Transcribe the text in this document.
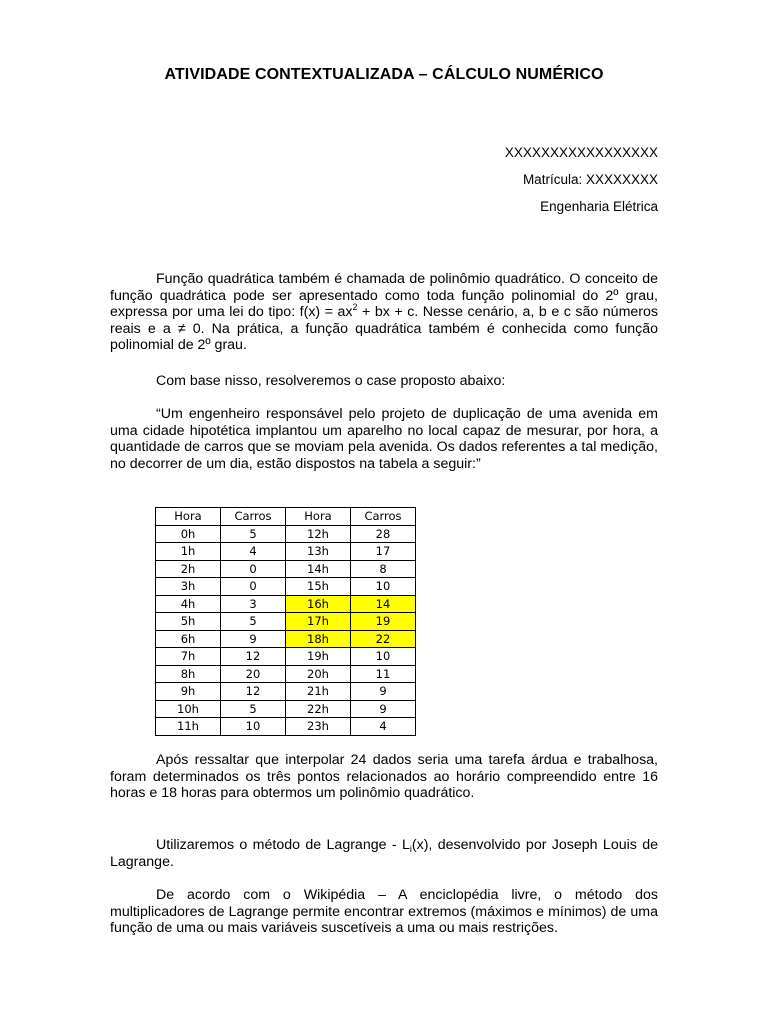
ATIVIDADE CONTEXTUALIZADA – CÁLCULO NUMÉRICO
XXXXXXXXXXXXXXXXX
Matrícula: XXXXXXXX
Engenharia Elétrica

Função quadrática também é chamada de polinômio quadrático. O conceito de função quadrática pode ser apresentado como toda função polinomial do 2º grau, expressa por uma lei do tipo: $f(x) = ax^2$ + bx + c. Nesse cenário, a, b e c são números reais e a ≠ 0. Na prática, a função quadrática também é conhecida como função polinomial de 2º grau.

Com base nisso, resolveremos o case proposto abaixo:

“Um engenheiro responsável pelo projeto de duplicação de uma avenida em uma cidade hipotética implantou um aparelho no local capaz de mesurar, por hora, a quantidade de carros que se moviam pela avenida. Os dados referentes a tal medição, no decorrer de um dia, estão dispostos na tabela a seguir:”

Hora	Carros	Hora	Carros
0h	5	12h	28
1h	4	13h	17
2h	0	14h	8
3h	0	15h	10
4h	3	16h	14
5h	5	17h	19
6h	9	18h	22
7h	12	19h	10
8h	20	20h	11
9h	12	21h	9
10h	5	22h	9
11h	10	23h	4

Após ressaltar que interpolar 24 dados seria uma tarefa árdua e trabalhosa, foram determinados os três pontos relacionados ao horário compreendido entre 16 horas e 18 horas para obtermos um polinômio quadrático.

Utilizaremos o método de Lagrange - $L_i(x)$, desenvolvido por Joseph Louis de Lagrange.

De acordo com o Wikipédia – A enciclopédia livre, o método dos multiplicadores de Lagrange permite encontrar extremos (máximos e mínimos) de uma função de uma ou mais variáveis suscetíveis a uma ou mais restrições.
